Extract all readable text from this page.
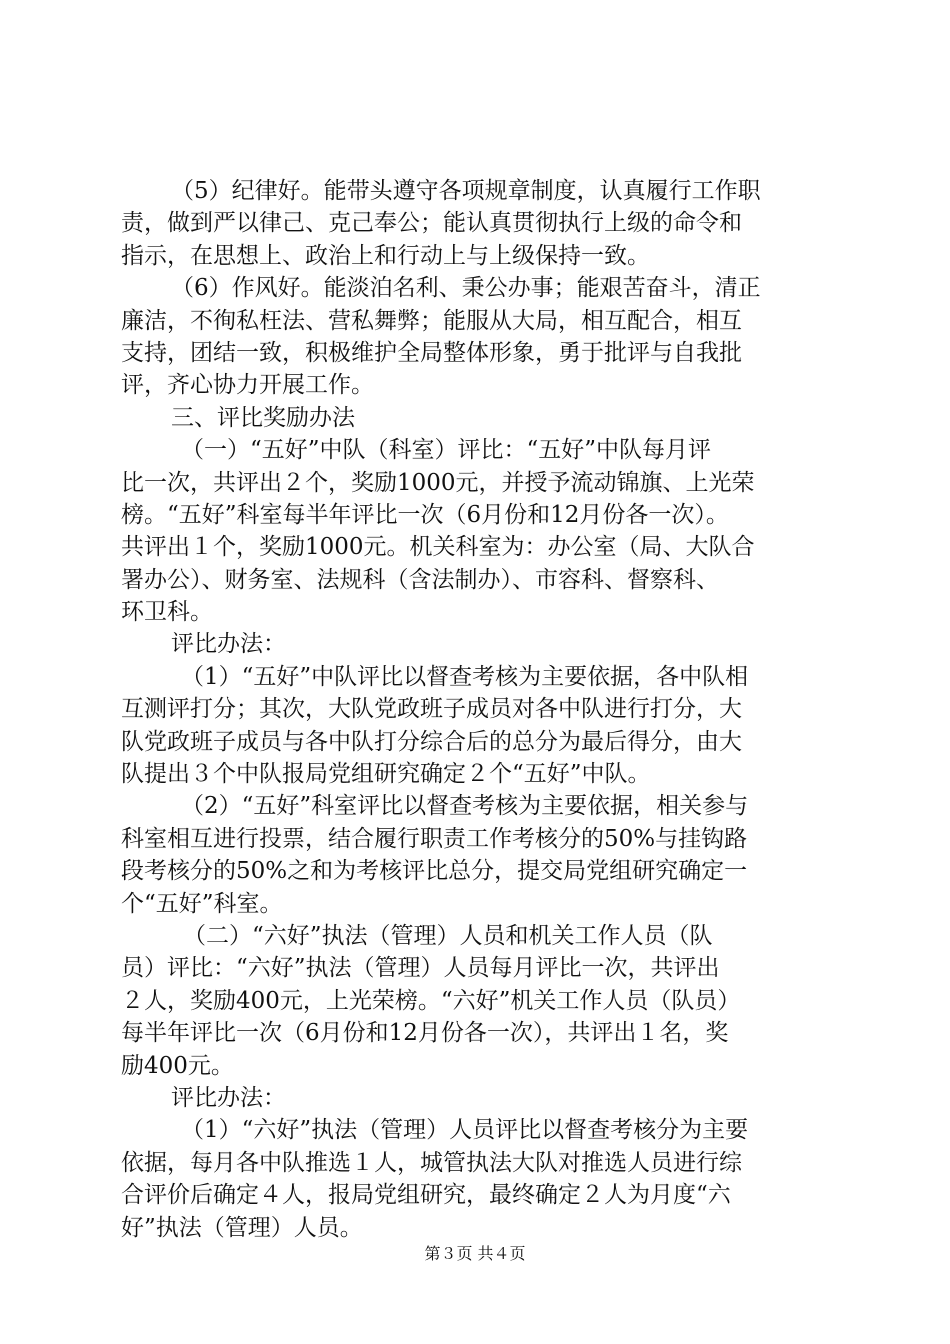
（5）纪律好。能带头遵守各项规章制度，认真履行工作职
责，做到严以律己、克己奉公；能认真贯彻执行上级的命令和
指示，在思想上、政治上和行动上与上级保持一致。
（6）作风好。能淡泊名利、秉公办事；能艰苦奋斗，清正
廉洁，不徇私枉法、营私舞弊；能服从大局，相互配合，相互
支持，团结一致，积极维护全局整体形象，勇于批评与自我批
评，齐心协力开展工作。
三、评比奖励办法
（一）“五好”中队（科室）评比：“五好”中队每月评
比一次，共评出２个，奖励1000元，并授予流动锦旗、上光荣
榜。“五好”科室每半年评比一次（6月份和12月份各一次）。
共评出１个，奖励1000元。机关科室为：办公室（局、大队合
署办公）、财务室、法规科（含法制办）、市容科、督察科、
环卫科。
评比办法：
（1）“五好”中队评比以督查考核为主要依据，各中队相
互测评打分；其次，大队党政班子成员对各中队进行打分，大
队党政班子成员与各中队打分综合后的总分为最后得分，由大
队提出３个中队报局党组研究确定２个“五好”中队。
（2）“五好”科室评比以督查考核为主要依据，相关参与
科室相互进行投票，结合履行职责工作考核分的50%与挂钩路
段考核分的50%之和为考核评比总分，提交局党组研究确定一
个“五好”科室。
（二）“六好”执法（管理）人员和机关工作人员（队
员）评比：“六好”执法（管理）人员每月评比一次，共评出
２人，奖励400元，上光荣榜。“六好”机关工作人员（队员）
每半年评比一次（6月份和12月份各一次），共评出１名，奖
励400元。
评比办法：
（1）“六好”执法（管理）人员评比以督查考核分为主要
依据，每月各中队推选１人，城管执法大队对推选人员进行综
合评价后确定４人，报局党组研究，最终确定２人为月度“六
好”执法（管理）人员。
第３页 共４页
